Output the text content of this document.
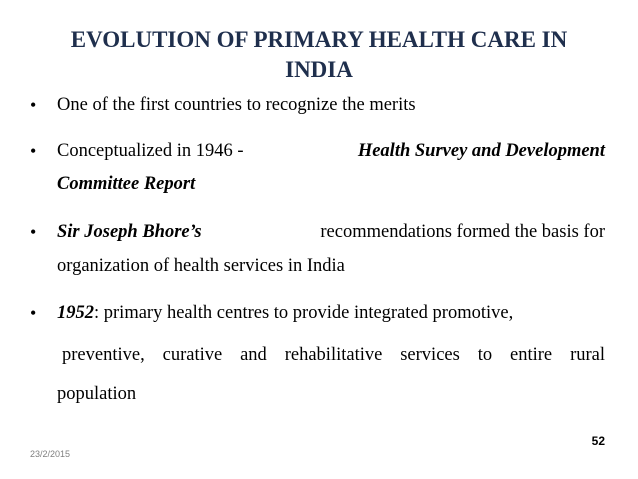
EVOLUTION OF PRIMARY HEALTH CARE IN
INDIA
• One of the first countries to recognize the merits
• Conceptualized in 1946 -	Health Survey and Development
Committee Report
• Sir Joseph Bhore’s	recommendations formed the basis for
organization of health services in India
• 1952: primary health centres to provide integrated promotive,
preventive, curative and rehabilitative services to entire rural
population
52
23/2/2015
